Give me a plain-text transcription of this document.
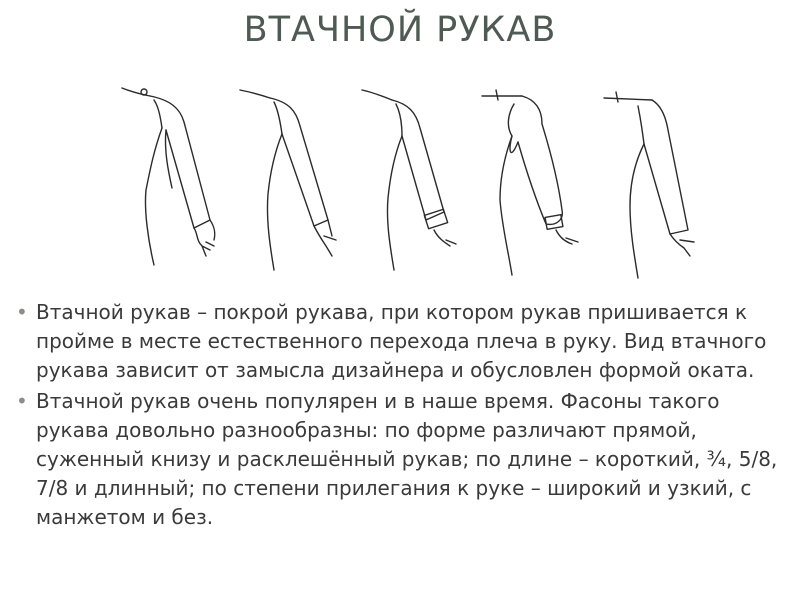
ВТАЧНОЙ РУКАВ
• Втачной рукав – покрой рукава, при котором рукав пришивается к пройме в месте естественного перехода плеча в руку. Вид втачного рукава зависит от замысла дизайнера и обусловлен формой оката.
• Втачной рукав очень популярен и в наше время. Фасоны такого рукава довольно разнообразны: по форме различают прямой, суженный книзу и расклешённый рукав; по длине – короткий, ¾, 5/8, 7/8 и длинный; по степени прилегания к руке – широкий и узкий, с манжетом и без.
